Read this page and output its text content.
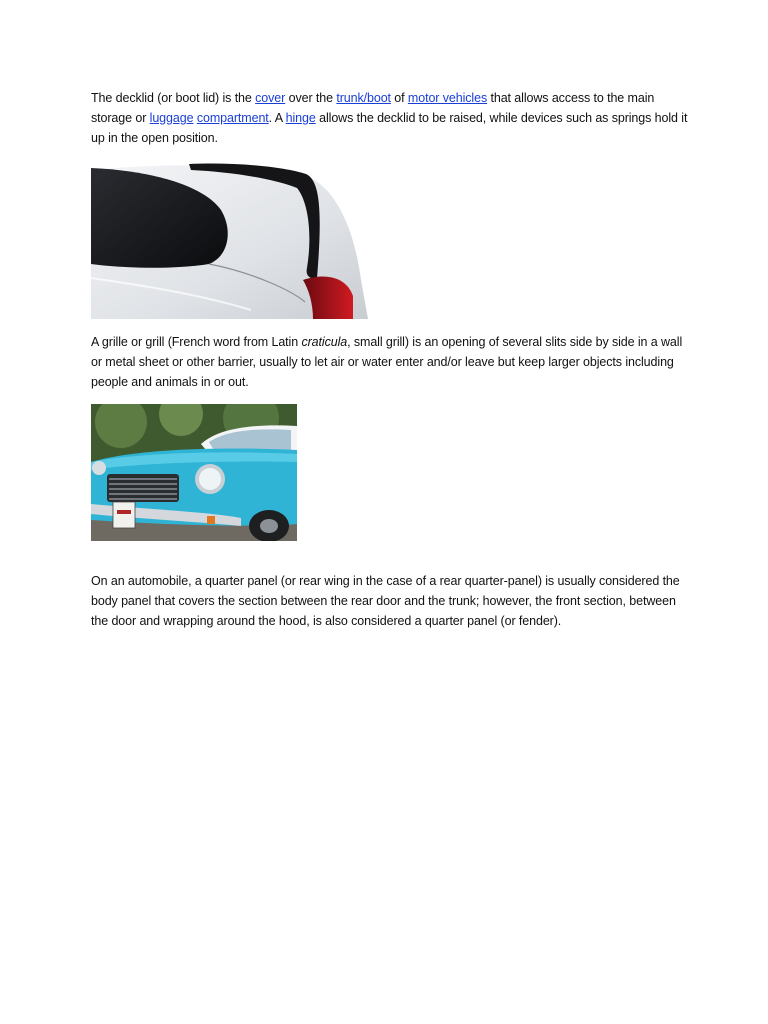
The decklid (or boot lid) is the cover over the trunk/boot of motor vehicles that allows access to the main storage or luggage compartment. A hinge allows the decklid to be raised, while devices such as springs hold it up in the open position.

A grille or grill (French word from Latin craticula, small grill) is an opening of several slits side by side in a wall or metal sheet or other barrier, usually to let air or water enter and/or leave but keep larger objects including people and animals in or out.

On an automobile, a quarter panel (or rear wing in the case of a rear quarter-panel) is usually considered the body panel that covers the section between the rear door and the trunk; however, the front section, between the door and wrapping around the hood, is also considered a quarter panel (or fender).
